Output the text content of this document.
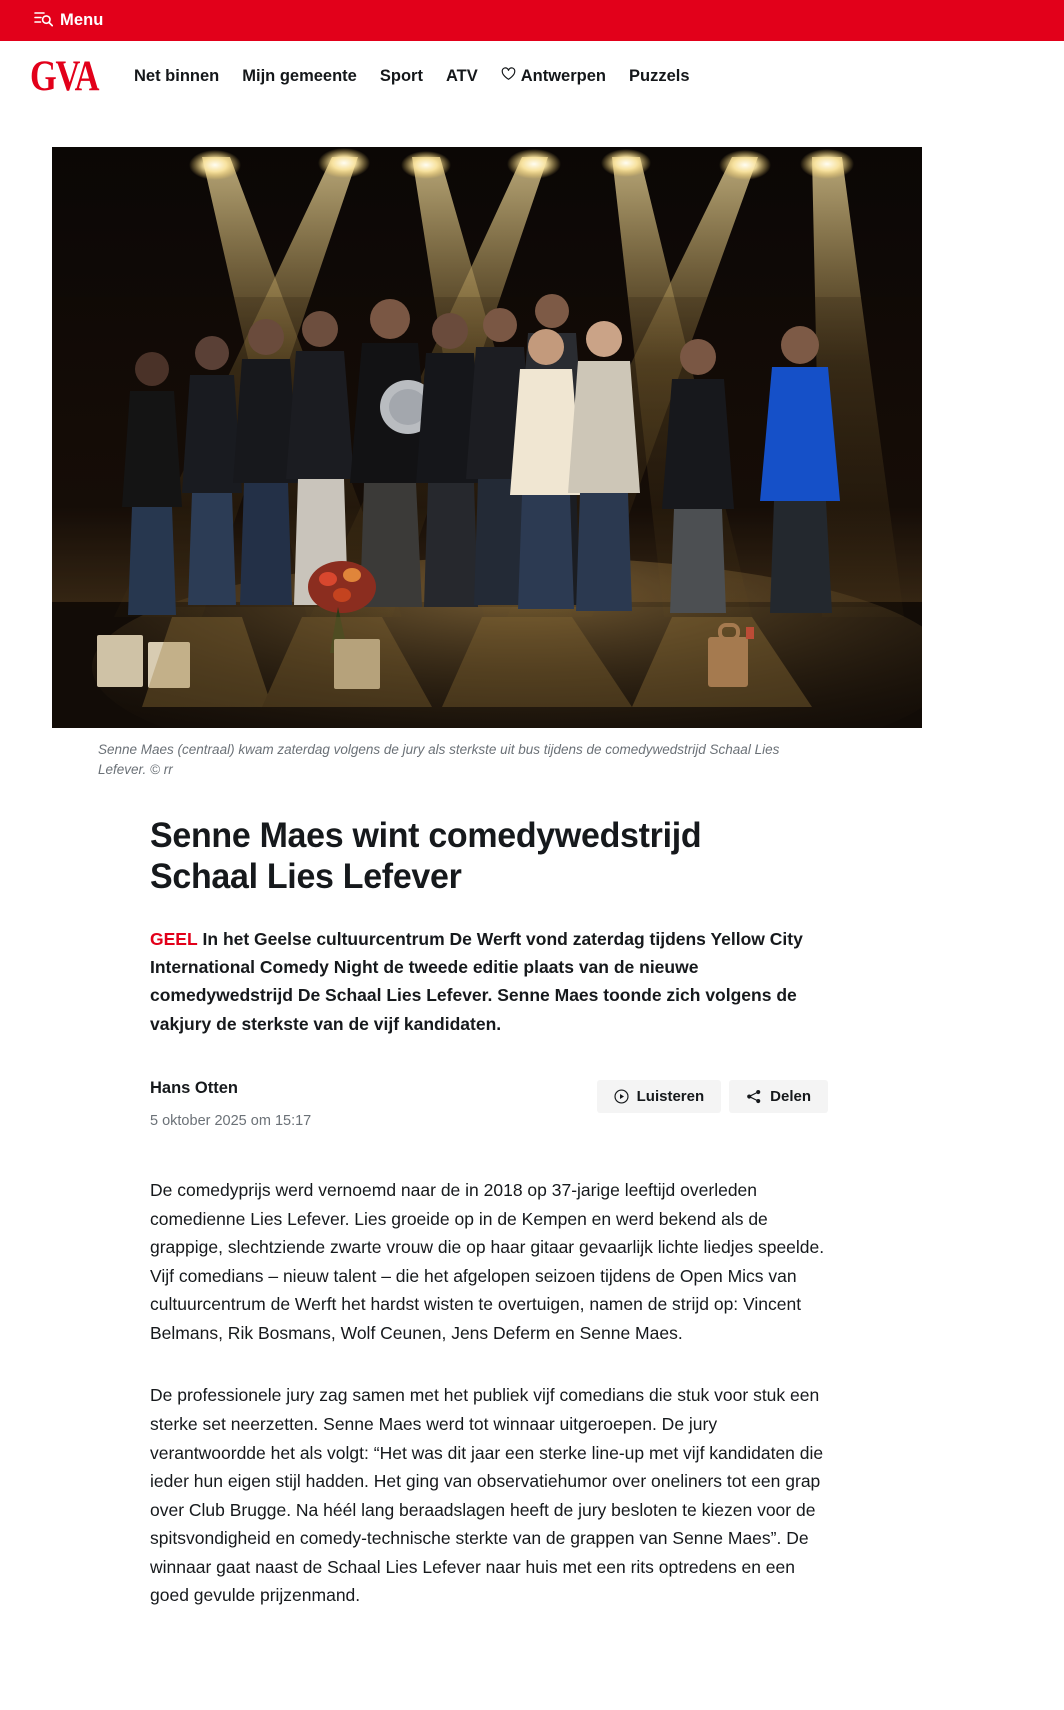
Menu
GVA Net binnen Mijn gemeente Sport ATV	Antwerpen Puzzels

Senne Maes (centraal) kwam zaterdag volgens de jury als sterkste uit bus tijdens de comedywedstrijd Schaal Lies Lefever. © rr

Senne Maes wint comedywedstrijd Schaal Lies Lefever

GEEL In het Geelse cultuurcentrum De Werft vond zaterdag tijdens Yellow City International Comedy Night de tweede editie plaats van de nieuwe comedywedstrijd De Schaal Lies Lefever. Senne Maes toonde zich volgens de vakjury de sterkste van de vijf kandidaten.

Hans Otten
5 oktober 2025 om 15:17
Luisteren	Delen

De comedyprijs werd vernoemd naar de in 2018 op 37-jarige leeftijd overleden comedienne Lies Lefever. Lies groeide op in de Kempen en werd bekend als de grappige, slechtziende zwarte vrouw die op haar gitaar gevaarlijk lichte liedjes speelde. Vijf comedians – nieuw talent – die het afgelopen seizoen tijdens de Open Mics van cultuurcentrum de Werft het hardst wisten te overtuigen, namen de strijd op: Vincent Belmans, Rik Bosmans, Wolf Ceunen, Jens Deferm en Senne Maes.

De professionele jury zag samen met het publiek vijf comedians die stuk voor stuk een sterke set neerzetten. Senne Maes werd tot winnaar uitgeroepen. De jury verantwoordde het als volgt: “Het was dit jaar een sterke line-up met vijf kandidaten die ieder hun eigen stijl hadden. Het ging van observatiehumor over oneliners tot een grap over Club Brugge. Na héél lang beraadslagen heeft de jury besloten te kiezen voor de spitsvondigheid en comedy-technische sterkte van de grappen van Senne Maes”. De winnaar gaat naast de Schaal Lies Lefever naar huis met een rits optredens en een goed gevulde prijzenmand.
